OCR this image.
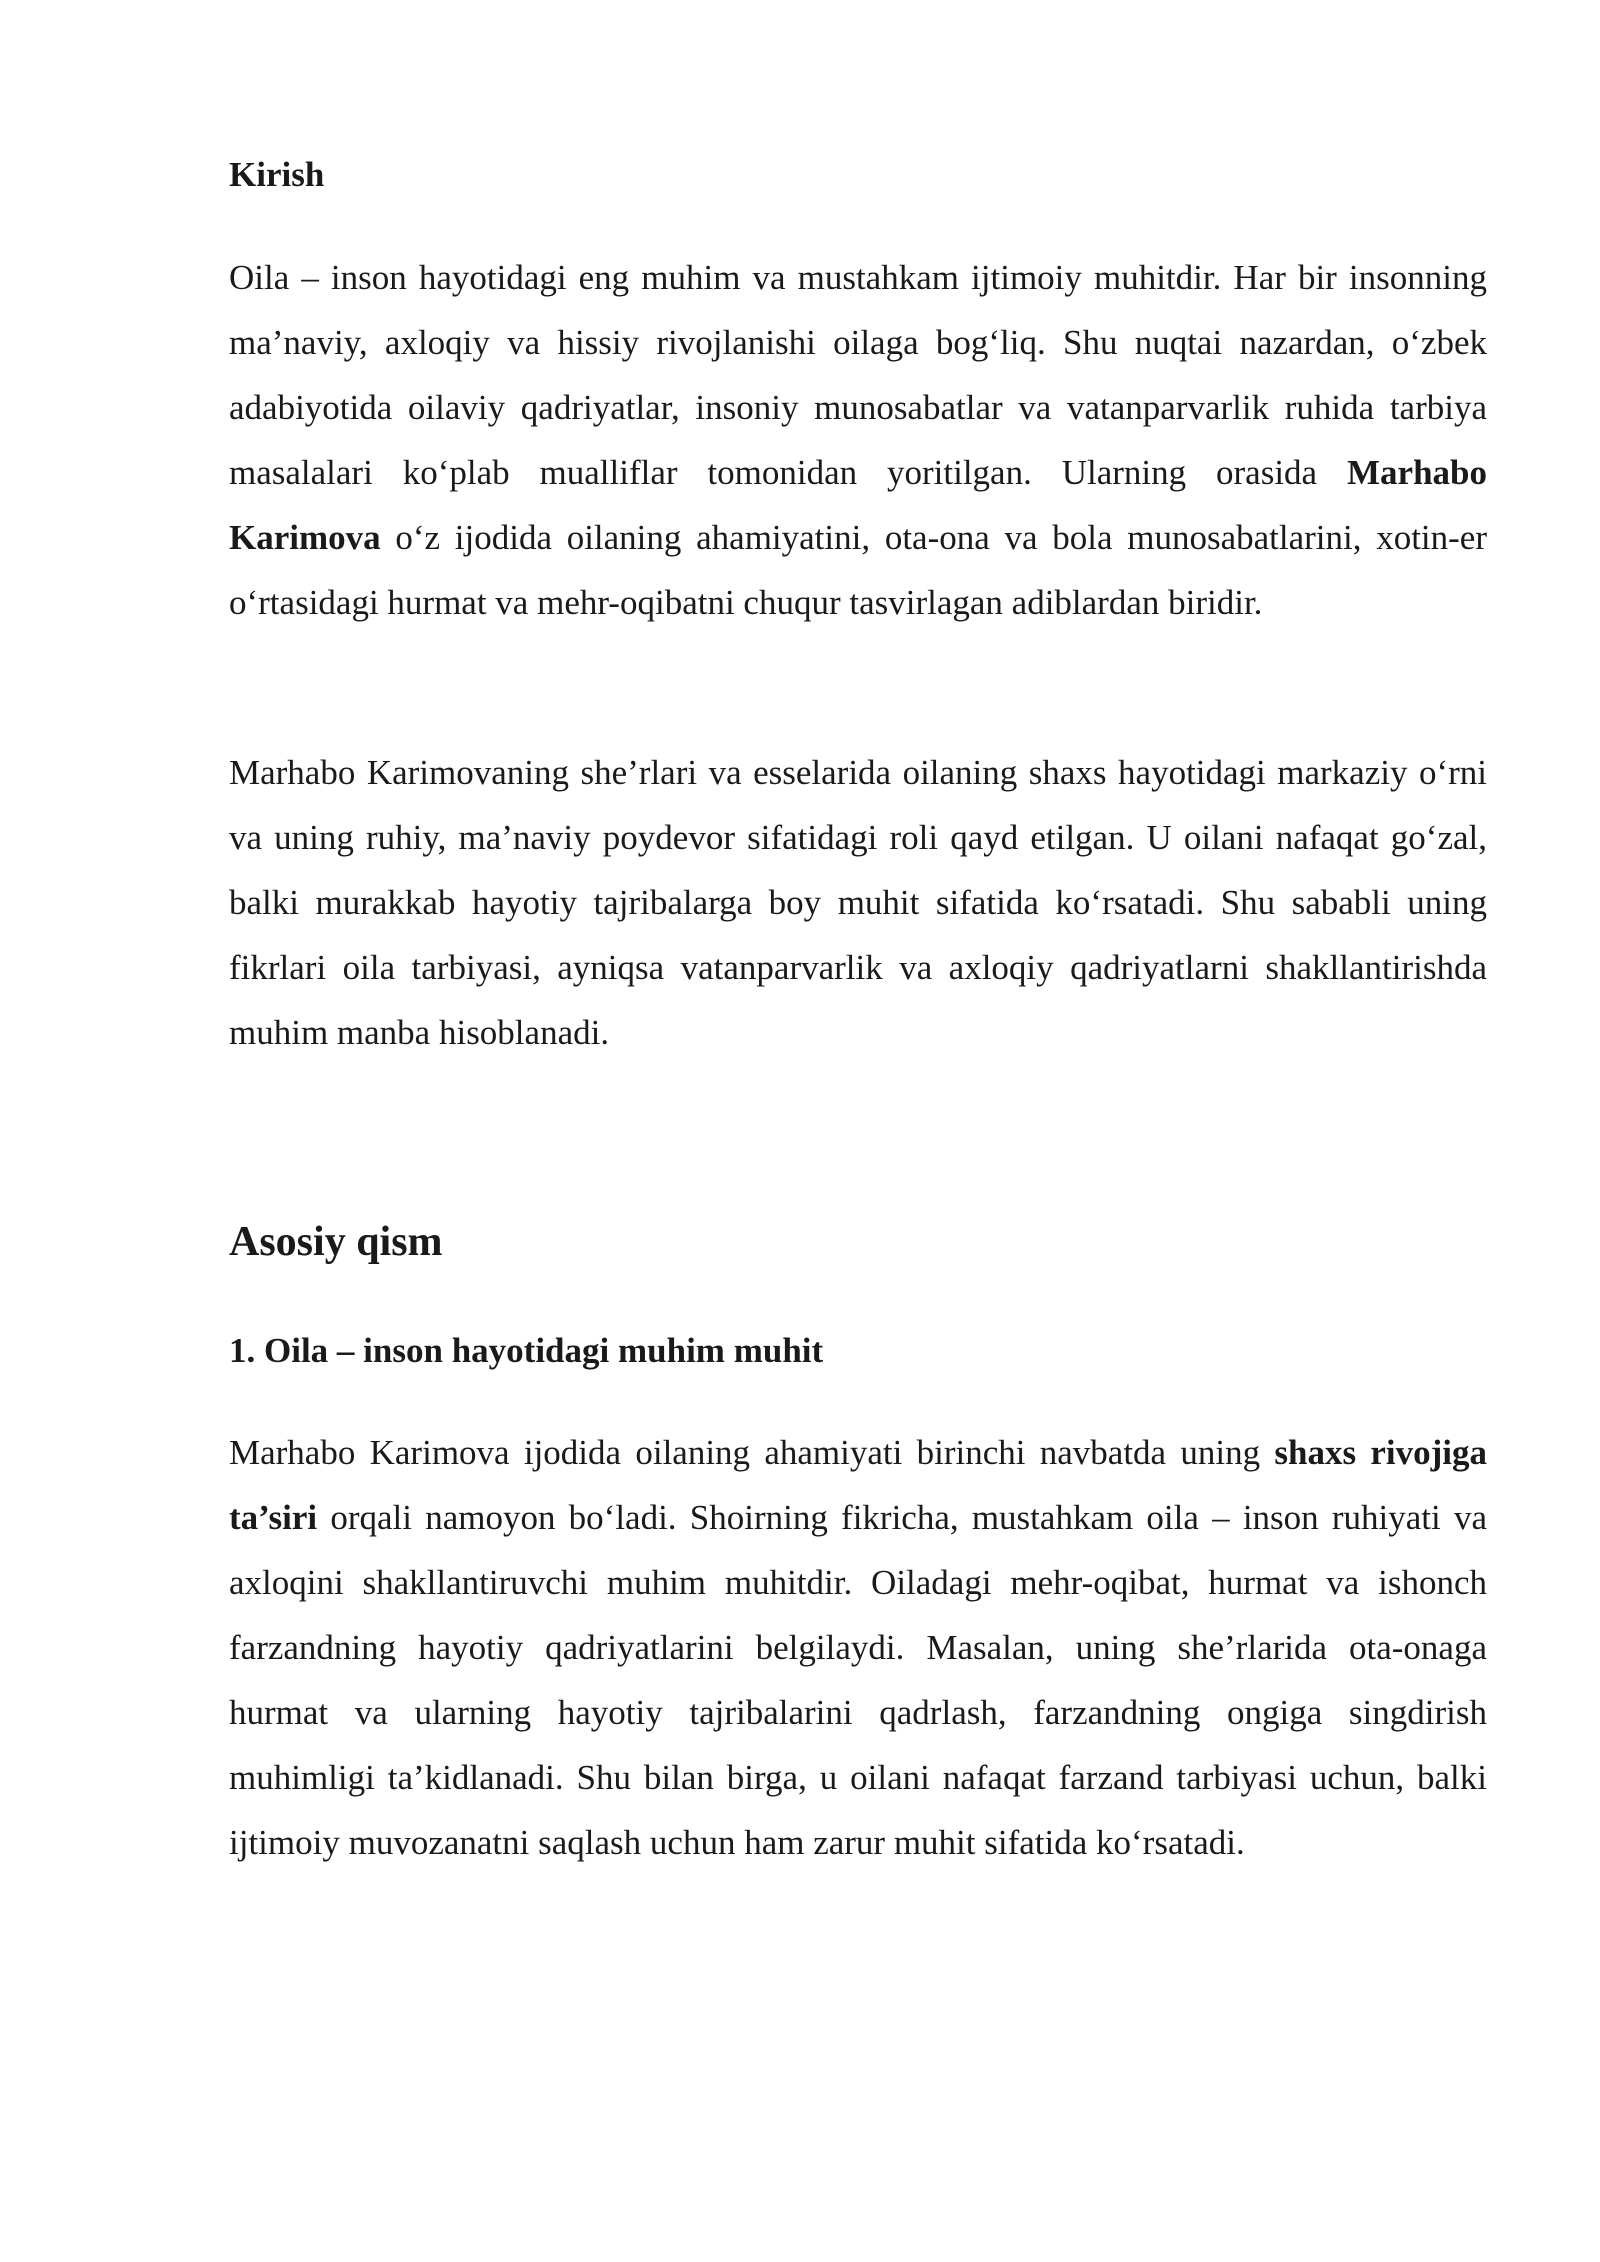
Kirish

Oila – inson hayotidagi eng muhim va mustahkam ijtimoiy muhitdir. Har bir insonning ma’naviy, axloqiy va hissiy rivojlanishi oilaga bog‘liq. Shu nuqtai nazardan, o‘zbek adabiyotida oilaviy qadriyatlar, insoniy munosabatlar va vatanparvarlik ruhida tarbiya masalalari ko‘plab mualliflar tomonidan yoritilgan. Ularning orasida Marhabo Karimova o‘z ijodida oilaning ahamiyatini, ota-ona va bola munosabatlarini, xotin-er o‘rtasidagi hurmat va mehr-oqibatni chuqur tasvirlagan adiblardan biridir.

Marhabo Karimovaning she’rlari va esselarida oilaning shaxs hayotidagi markaziy o‘rni va uning ruhiy, ma’naviy poydevor sifatidagi roli qayd etilgan. U oilani nafaqat go‘zal, balki murakkab hayotiy tajribalarga boy muhit sifatida ko‘rsatadi. Shu sababli uning fikrlari oila tarbiyasi, ayniqsa vatanparvarlik va axloqiy qadriyatlarni shakllantirishda muhim manba hisoblanadi.

Asosiy qism
1. Oila – inson hayotidagi muhim muhit

Marhabo Karimova ijodida oilaning ahamiyati birinchi navbatda uning shaxs rivojiga ta’siri orqali namoyon bo‘ladi. Shoirning fikricha, mustahkam oila – inson ruhiyati va axloqini shakllantiruvchi muhim muhitdir. Oiladagi mehr-oqibat, hurmat va ishonch farzandning hayotiy qadriyatlarini belgilaydi. Masalan, uning she’rlarida ota-onaga hurmat va ularning hayotiy tajribalarini qadrlash, farzandning ongiga singdirish muhimligi ta’kidlanadi. Shu bilan birga, u oilani nafaqat farzand tarbiyasi uchun, balki ijtimoiy muvozanatni saqlash uchun ham zarur muhit sifatida ko‘rsatadi.
